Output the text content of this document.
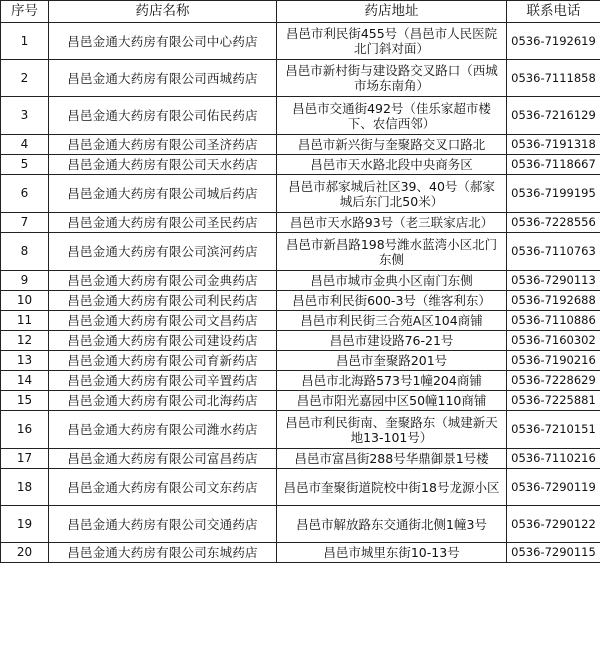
序号	药店名称	药店地址	联系电话
1	昌邑金通大药房有限公司中心药店	昌邑市利民街455号（昌邑市人民医院北门斜对面）	0536-7192619
2	昌邑金通大药房有限公司西城药店	昌邑市新村街与建设路交叉路口（西城市场东南角）	0536-7111858
3	昌邑金通大药房有限公司佑民药店	昌邑市交通街492号（佳乐家超市楼下、农信西邻）	0536-7216129
4	昌邑金通大药房有限公司圣济药店	昌邑市新兴街与奎聚路交叉口路北	0536-7191318
5	昌邑金通大药房有限公司天水药店	昌邑市天水路北段中央商务区	0536-7118667
6	昌邑金通大药房有限公司城后药店	昌邑市郝家城后社区39、40号（郝家城后东门北50米）	0536-7199195
7	昌邑金通大药房有限公司圣民药店	昌邑市天水路93号（老三联家店北）	0536-7228556
8	昌邑金通大药房有限公司滨河药店	昌邑市新昌路198号潍水蓝湾小区北门东侧	0536-7110763
9	昌邑金通大药房有限公司金典药店	昌邑市城市金典小区南门东侧	0536-7290113
10	昌邑金通大药房有限公司利民药店	昌邑市利民街600-3号（维客利东）	0536-7192688
11	昌邑金通大药房有限公司文昌药店	昌邑市利民街三合苑A区104商铺	0536-7110886
12	昌邑金通大药房有限公司建设药店	昌邑市建设路76-21号	0536-7160302
13	昌邑金通大药房有限公司育新药店	昌邑市奎聚路201号	0536-7190216
14	昌邑金通大药房有限公司辛置药店	昌邑市北海路573号1幢204商铺	0536-7228629
15	昌邑金通大药房有限公司北海药店	昌邑市阳光嘉园中区50幢110商铺	0536-7225881
16	昌邑金通大药房有限公司潍水药店	昌邑市利民街南、奎聚路东（城建新天地13-101号）	0536-7210151
17	昌邑金通大药房有限公司富昌药店	昌邑市富昌街288号华鼎御景1号楼	0536-7110216
18	昌邑金通大药房有限公司文东药店	昌邑市奎聚街道院校中街18号龙源小区	0536-7290119
19	昌邑金通大药房有限公司交通药店	昌邑市解放路东交通街北侧1幢3号	0536-7290122
20	昌邑金通大药房有限公司东城药店	昌邑市城里东街10-13号	0536-7290115
